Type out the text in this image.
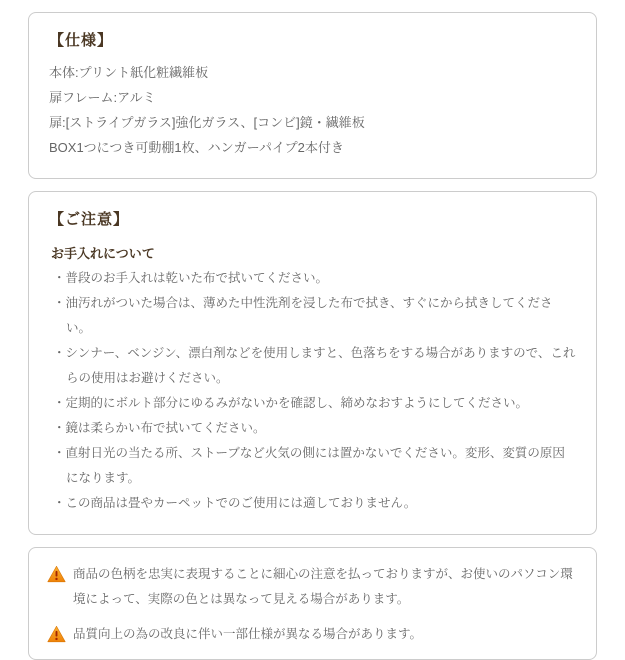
【仕様】
本体:プリント紙化粧繊維板
扉フレーム:アルミ
扉:[ストライプガラス]強化ガラス、[コンビ]鏡・繊維板
BOX1つにつき可動棚1枚、ハンガーパイプ2本付き
【ご注意】
お手入れについて
・普段のお手入れは乾いた布で拭いてください。
・油汚れがついた場合は、薄めた中性洗剤を浸した布で拭き、すぐにから拭きしてください。
・シンナー、ベンジン、漂白剤などを使用しますと、色落ちをする場合がありますので、これらの使用はお避けください。
・定期的にボルト部分にゆるみがないかを確認し、締めなおすようにしてください。
・鏡は柔らかい布で拭いてください。
・直射日光の当たる所、ストーブなど火気の側には置かないでください。変形、変質の原因になります。
・この商品は畳やカーペットでのご使用には適しておりません。
商品の色柄を忠実に表現することに細心の注意を払っておりますが、お使いのパソコン環境によって、実際の色とは異なって見える場合があります。
品質向上の為の改良に伴い一部仕様が異なる場合があります。
